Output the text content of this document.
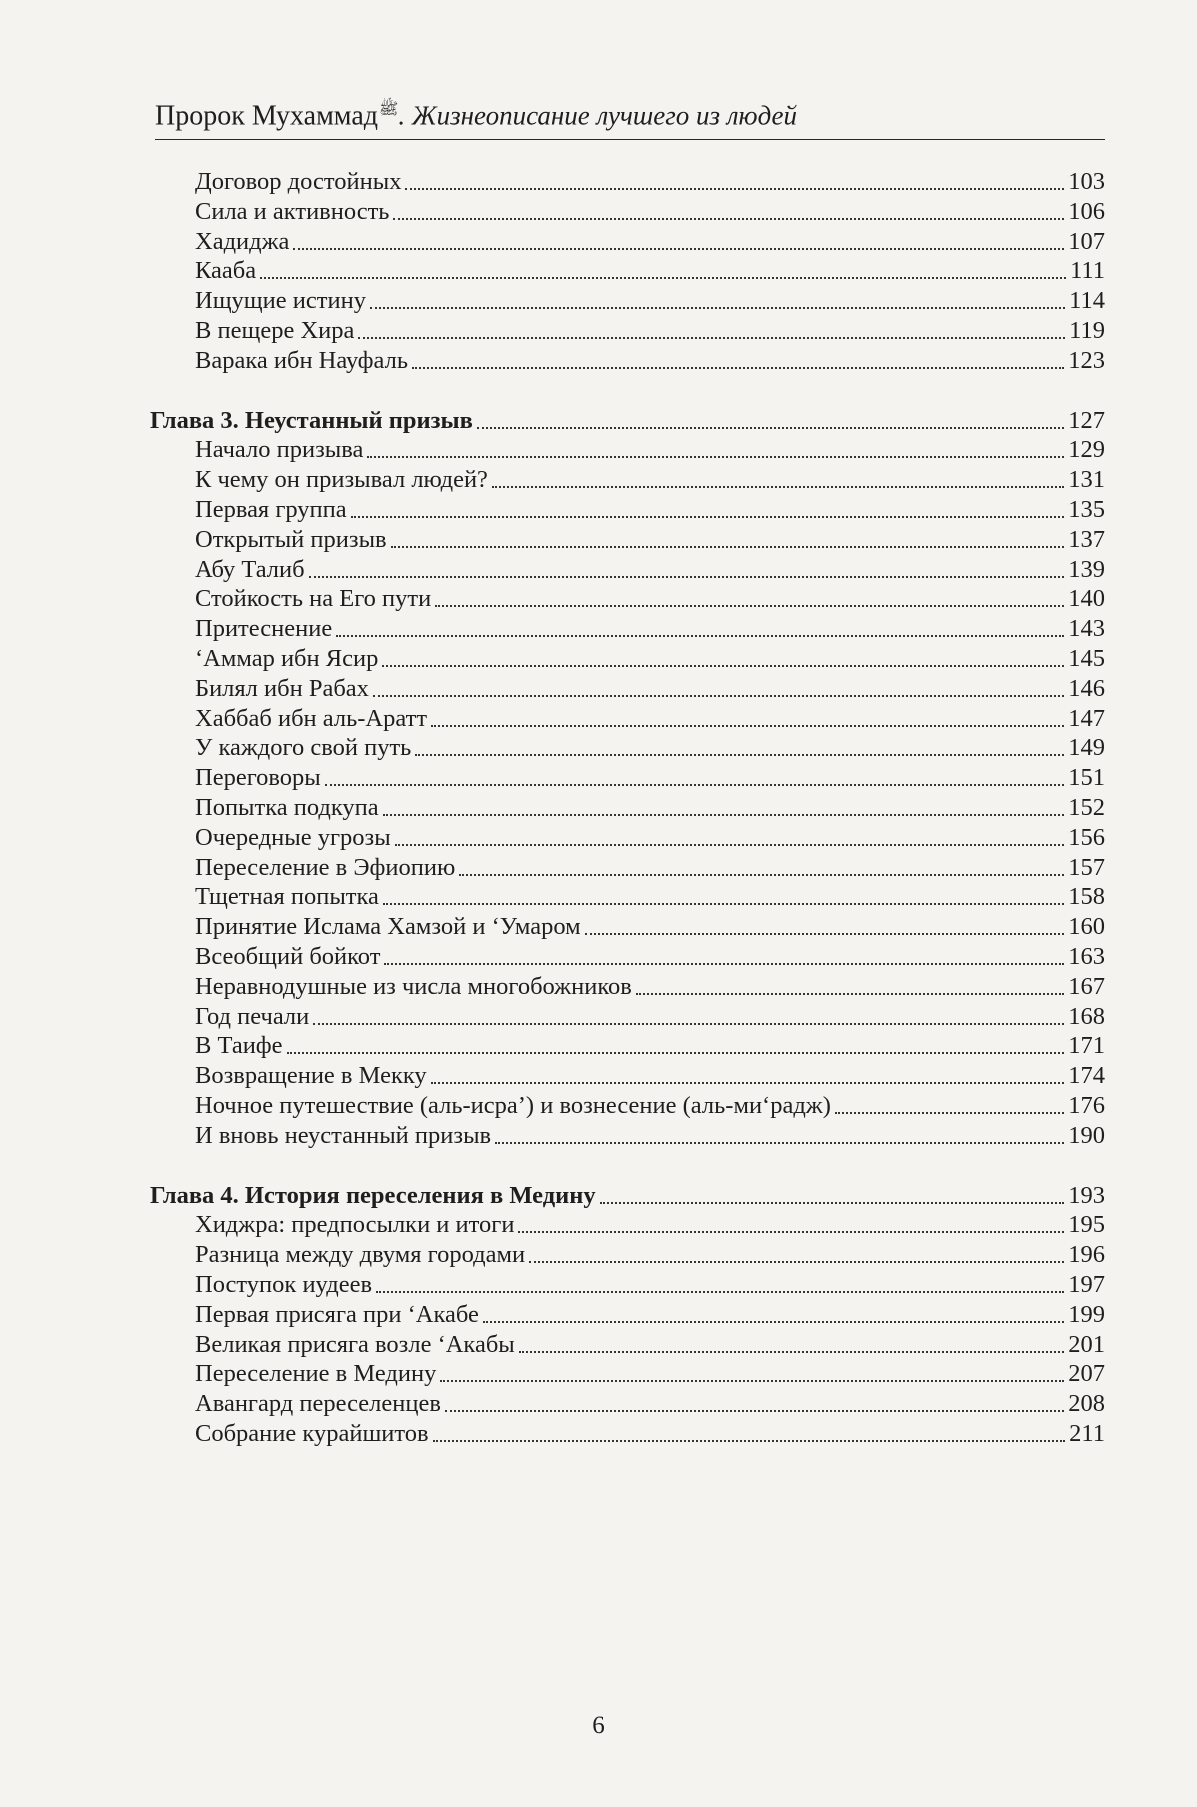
Пророк Мухаммад$^ﷺ$. Жизнеописание лучшего из людей
Договор достойных	103
Сила и активность	106
Хадиджа	107
Кааба	111
Ищущие истину	114
В пещере Хира	119
Варака ибн Науфаль	123
Глава 3. Неустанный призыв	127
Начало призыва	129
К чему он призывал людей?	131
Первая группа	135
Открытый призыв	137
Абу Талиб	139
Стойкость на Его пути	140
Притеснение	143
‘Аммар ибн Ясир	145
Билял ибн Рабах	146
Хаббаб ибн аль-Аратт	147
У каждого свой путь	149
Переговоры	151
Попытка подкупа	152
Очередные угрозы	156
Переселение в Эфиопию	157
Тщетная попытка	158
Принятие Ислама Хамзой и ‘Умаром	160
Всеобщий бойкот	163
Неравнодушные из числа многобожников	167
Год печали	168
В Таифе	171
Возвращение в Мекку	174
Ночное путешествие (аль-исра’) и вознесение (аль-ми‘радж)	176
И вновь неустанный призыв	190
Глава 4. История переселения в Медину	193
Хиджра: предпосылки и итоги	195
Разница между двумя городами	196
Поступок иудеев	197
Первая присяга при ‘Акабе	199
Великая присяга возле ‘Акабы	201
Переселение в Медину	207
Авангард переселенцев	208
Собрание курайшитов	211
6
